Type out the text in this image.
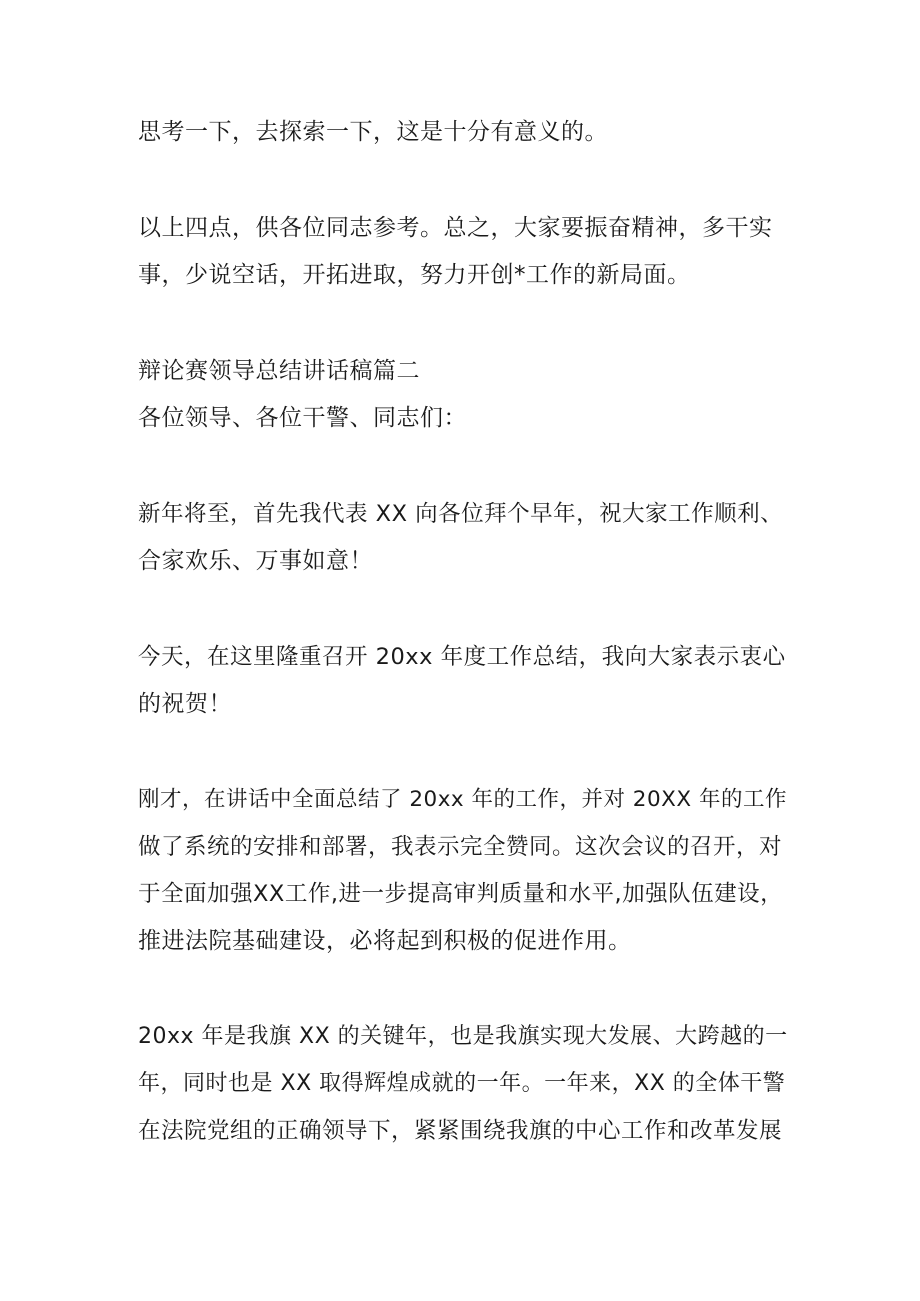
思考一下，去探索一下，这是十分有意义的。
以上四点，供各位同志参考。总之，大家要振奋精神，多干实
事，少说空话，开拓进取，努力开创*工作的新局面。
辩论赛领导总结讲话稿篇二
各位领导、各位干警、同志们：
新年将至，首先我代表 XX 向各位拜个早年，祝大家工作顺利、
合家欢乐、万事如意！
今天，在这里隆重召开 20xx 年度工作总结，我向大家表示衷心
的祝贺！
刚才，在讲话中全面总结了 20xx 年的工作，并对 20XX 年的工作
做了系统的安排和部署，我表示完全赞同。这次会议的召开，对
于全面加强XX工作,进一步提高审判质量和水平,加强队伍建设，
推进法院基础建设，必将起到积极的促进作用。
20xx 年是我旗 XX 的关键年，也是我旗实现大发展、大跨越的一
年，同时也是 XX 取得辉煌成就的一年。一年来，XX 的全体干警
在法院党组的正确领导下，紧紧围绕我旗的中心工作和改革发展
